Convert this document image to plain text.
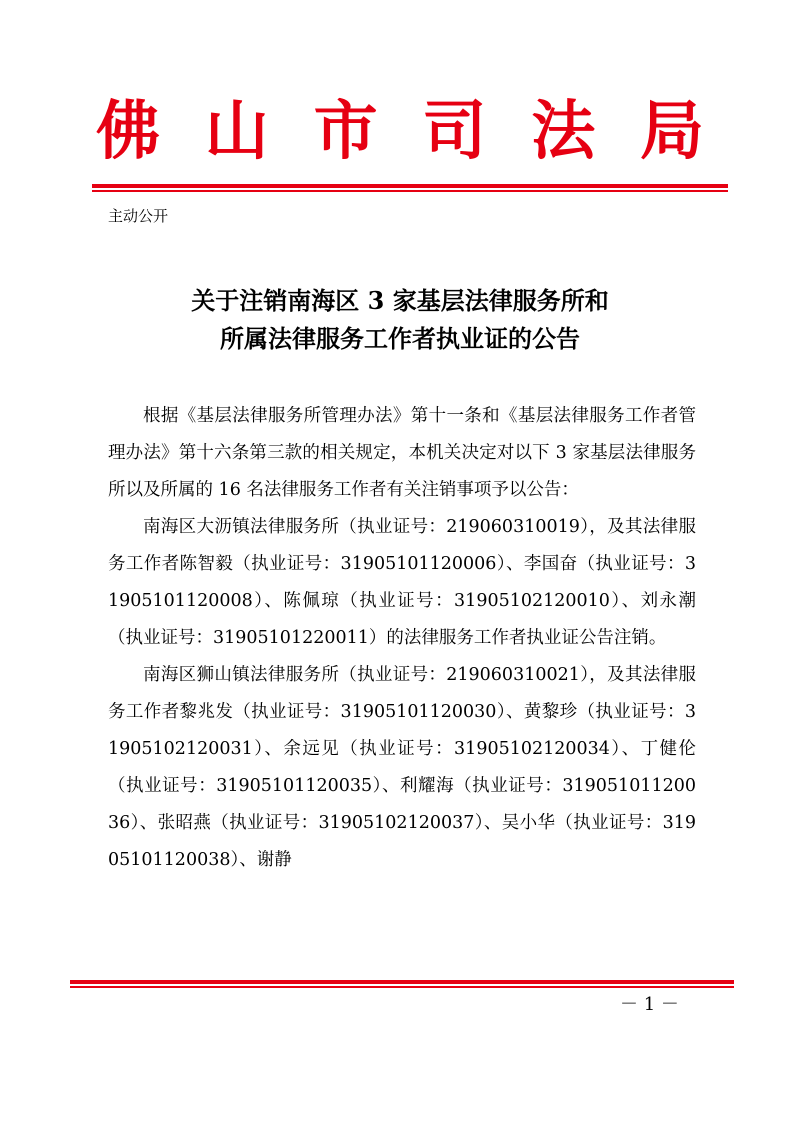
佛 山 市 司 法 局
主动公开
关于注销南海区 3 家基层法律服务所和
所属法律服务工作者执业证的公告

根据《基层法律服务所管理办法》第十一条和《基层法律服务工作者管理办法》第十六条第三款的相关规定，本机关决定对以下 3 家基层法律服务所以及所属的 16 名法律服务工作者有关注销事项予以公告：

南海区大沥镇法律服务所（执业证号：219060310019），及其法律服务工作者陈智毅（执业证号：31905101120006）、李国奋（执业证号：31905101120008）、陈佩琼（执业证号：31905102120010）、刘永潮（执业证号：31905101220011）的法律服务工作者执业证公告注销。

南海区狮山镇法律服务所（执业证号：219060310021），及其法律服务工作者黎兆发（执业证号：31905101120030）、黄黎珍（执业证号：31905102120031）、余远见（执业证号：31905102120034）、丁健伦（执业证号：31905101120035）、利耀海（执业证号：31905101120036）、张昭燕（执业证号：31905102120037）、吴小华（执业证号：31905101120038）、谢静

－ 1 －
